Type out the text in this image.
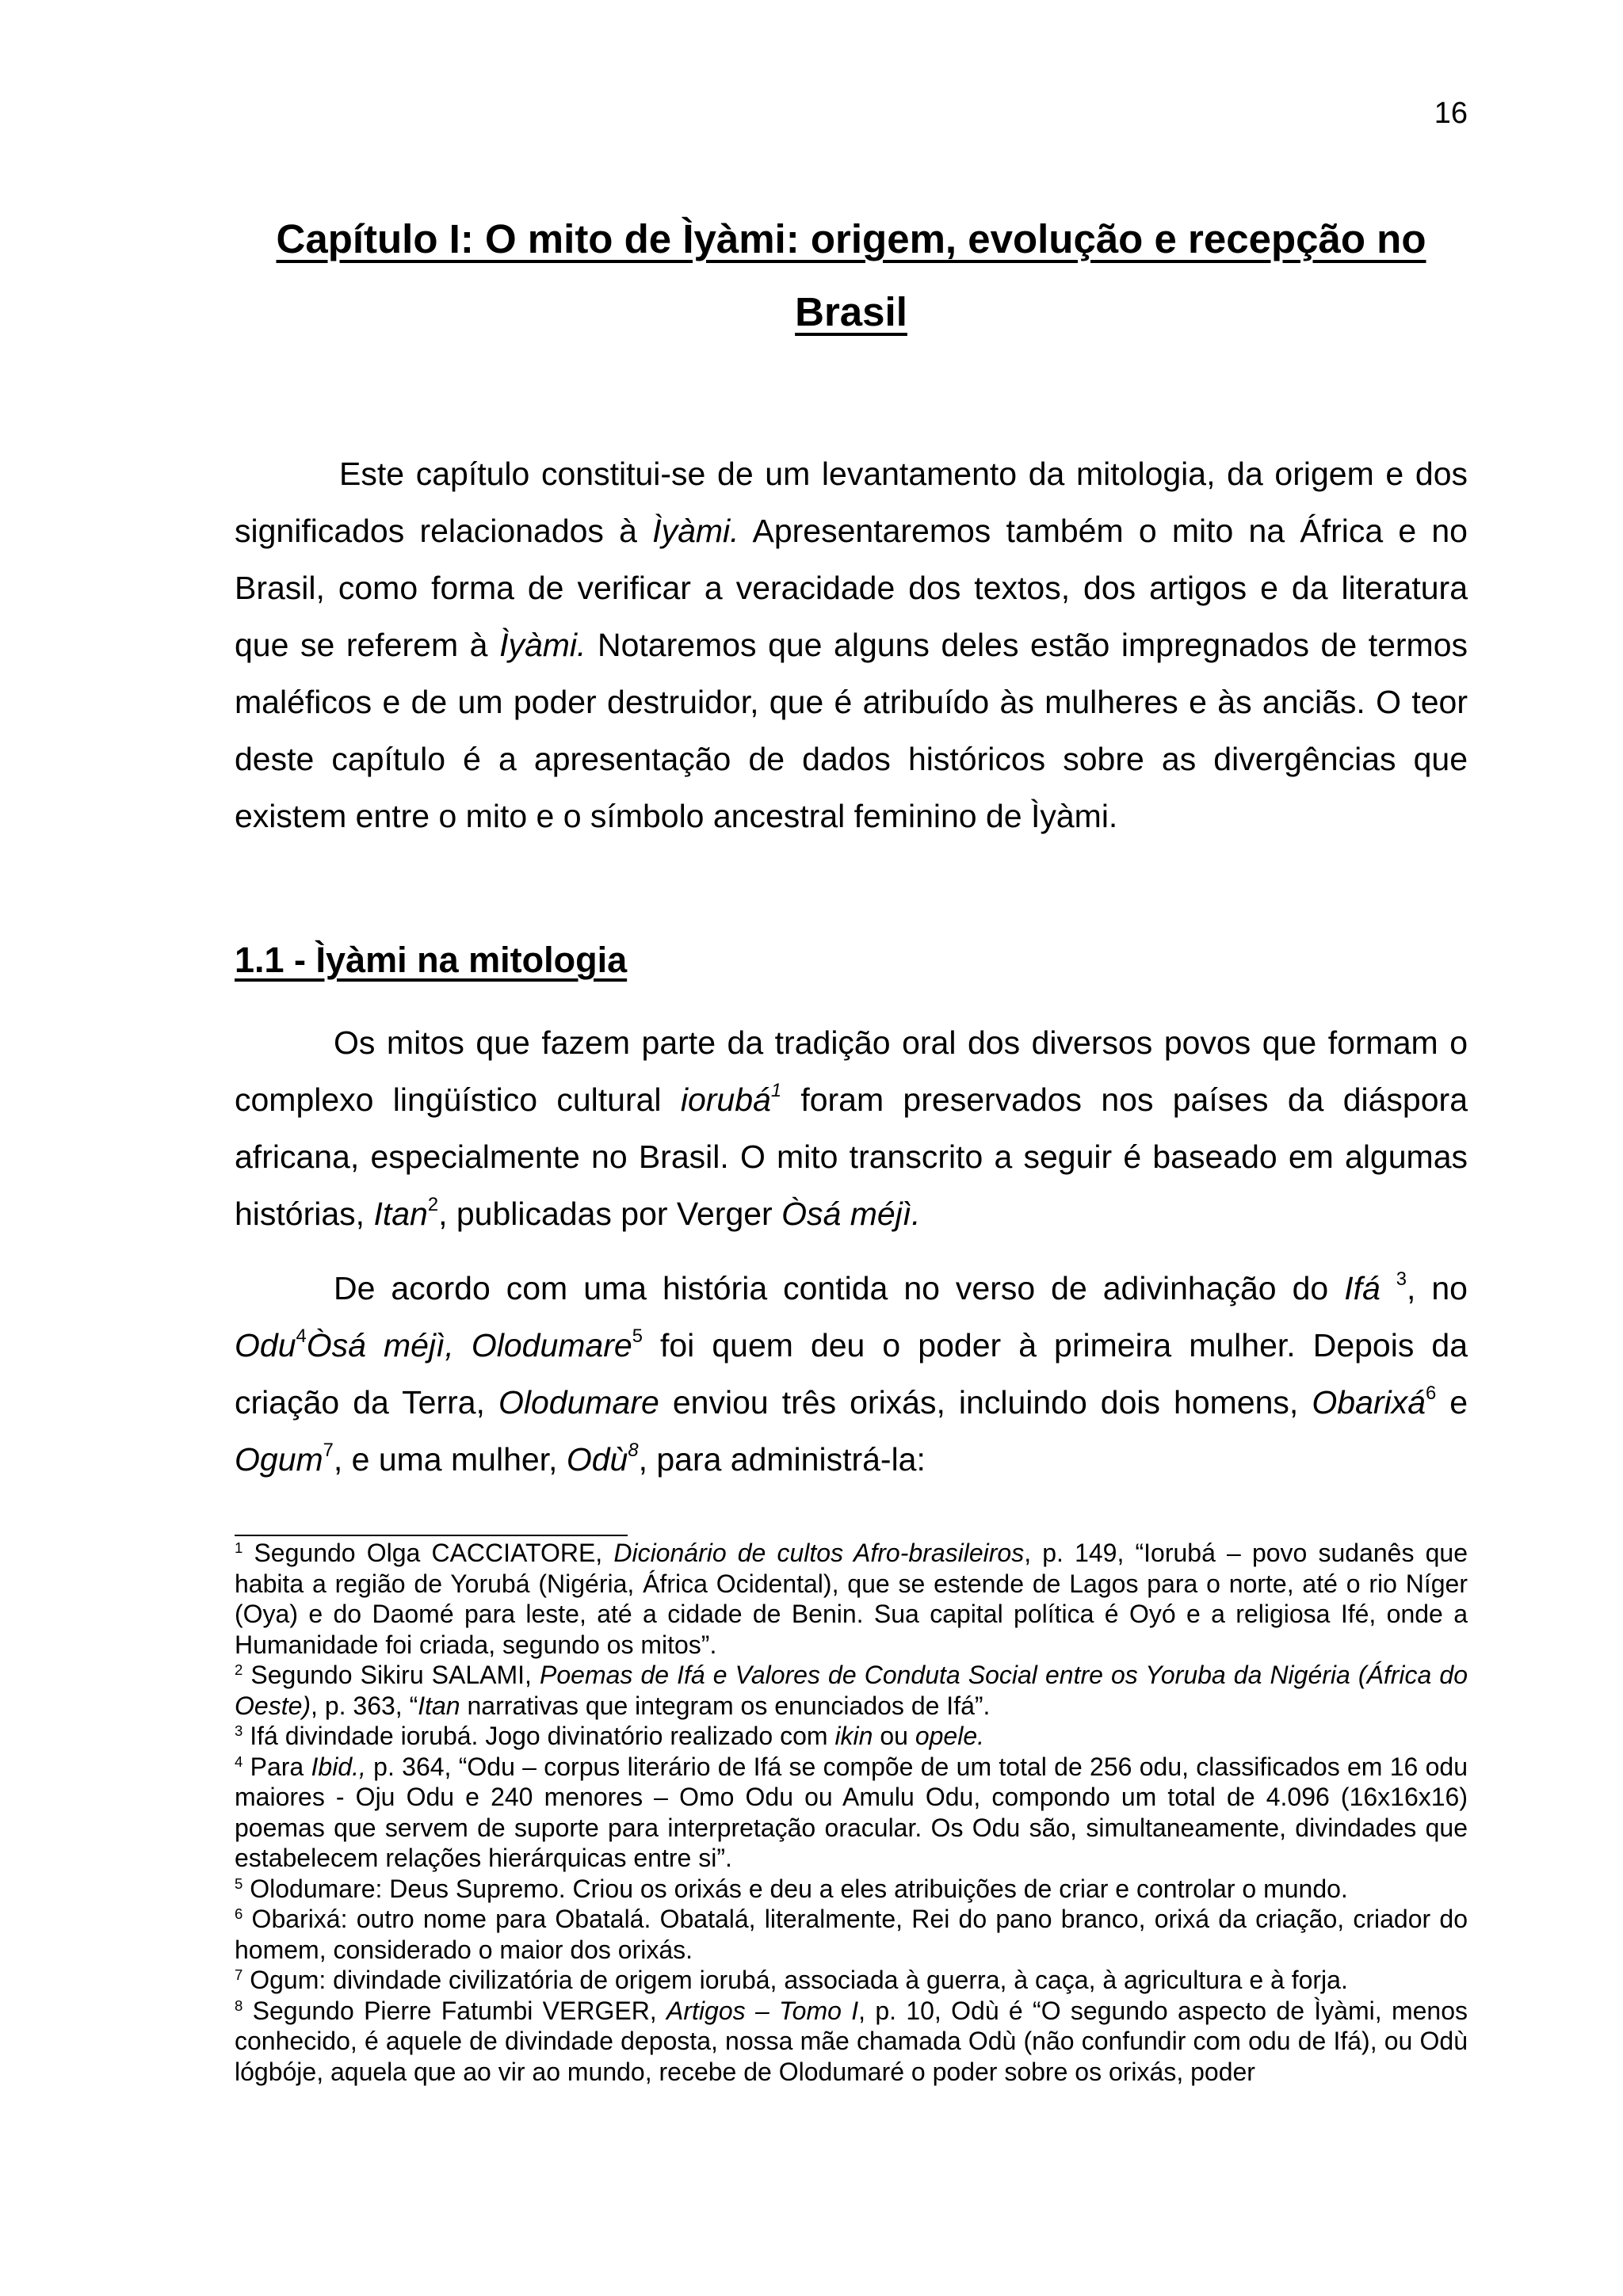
16
Capítulo I: O mito de Ìyàmi: origem, evolução e recepção no
Brasil

Este capítulo constitui-se de um levantamento da mitologia, da origem e dos significados relacionados à Ìyàmi. Apresentaremos também o mito na África e no Brasil, como forma de verificar a veracidade dos textos, dos artigos e da literatura que se referem à Ìyàmi. Notaremos que alguns deles estão impregnados de termos maléficos e de um poder destruidor, que é atribuído às mulheres e às anciãs. O teor deste capítulo é a apresentação de dados históricos sobre as divergências que existem entre o mito e o símbolo ancestral feminino de Ìyàmi.

1.1 - Ìyàmi na mitologia

Os mitos que fazem parte da tradição oral dos diversos povos que formam o complexo lingüístico cultural iorubá$^1$ foram preservados nos países da diáspora africana, especialmente no Brasil. O mito transcrito a seguir é baseado em algumas histórias, Itan$^2$, publicadas por Verger Òsá méjì.

De acordo com uma história contida no verso de adivinhação do Ifá $^3$, no Odu$^4$Òsá méjì, Olodumare$^5$ foi quem deu o poder à primeira mulher. Depois da criação da Terra, Olodumare enviou três orixás, incluindo dois homens, Obarixá$^6$ e Ogum$^7$, e uma mulher, Odù$^8$, para administrá-la:

$^1$ Segundo Olga CACCIATORE, Dicionário de cultos Afro-brasileiros, p. 149, “Iorubá – povo sudanês que habita a região de Yorubá (Nigéria, África Ocidental), que se estende de Lagos para o norte, até o rio Níger (Oya) e do Daomé para leste, até a cidade de Benin. Sua capital política é Oyó e a religiosa Ifé, onde a Humanidade foi criada, segundo os mitos”.

$^2$ Segundo Sikiru SALAMI, Poemas de Ifá e Valores de Conduta Social entre os Yoruba da Nigéria (África do Oeste), p. 363, “Itan narrativas que integram os enunciados de Ifá”.

$^3$ Ifá divindade iorubá. Jogo divinatório realizado com ikin ou opele.

$^4$ Para Ibid., p. 364, “Odu – corpus literário de Ifá se compõe de um total de 256 odu, classificados em 16 odu maiores - Oju Odu e 240 menores – Omo Odu ou Amulu Odu, compondo um total de 4.096 (16x16x16) poemas que servem de suporte para interpretação oracular. Os Odu são, simultaneamente, divindades que estabelecem relações hierárquicas entre si”.

$^5$ Olodumare: Deus Supremo. Criou os orixás e deu a eles atribuições de criar e controlar o mundo.

$^6$ Obarixá: outro nome para Obatalá. Obatalá, literalmente, Rei do pano branco, orixá da criação, criador do homem, considerado o maior dos orixás.

$^7$ Ogum: divindade civilizatória de origem iorubá, associada à guerra, à caça, à agricultura e à forja.

$^8$ Segundo Pierre Fatumbi VERGER, Artigos – Tomo I, p. 10, Odù é “O segundo aspecto de Ìyàmi, menos conhecido, é aquele de divindade deposta, nossa mãe chamada Odù (não confundir com odu de Ifá), ou Odù lógbóje, aquela que ao vir ao mundo, recebe de Olodumaré o poder sobre os orixás, poder
